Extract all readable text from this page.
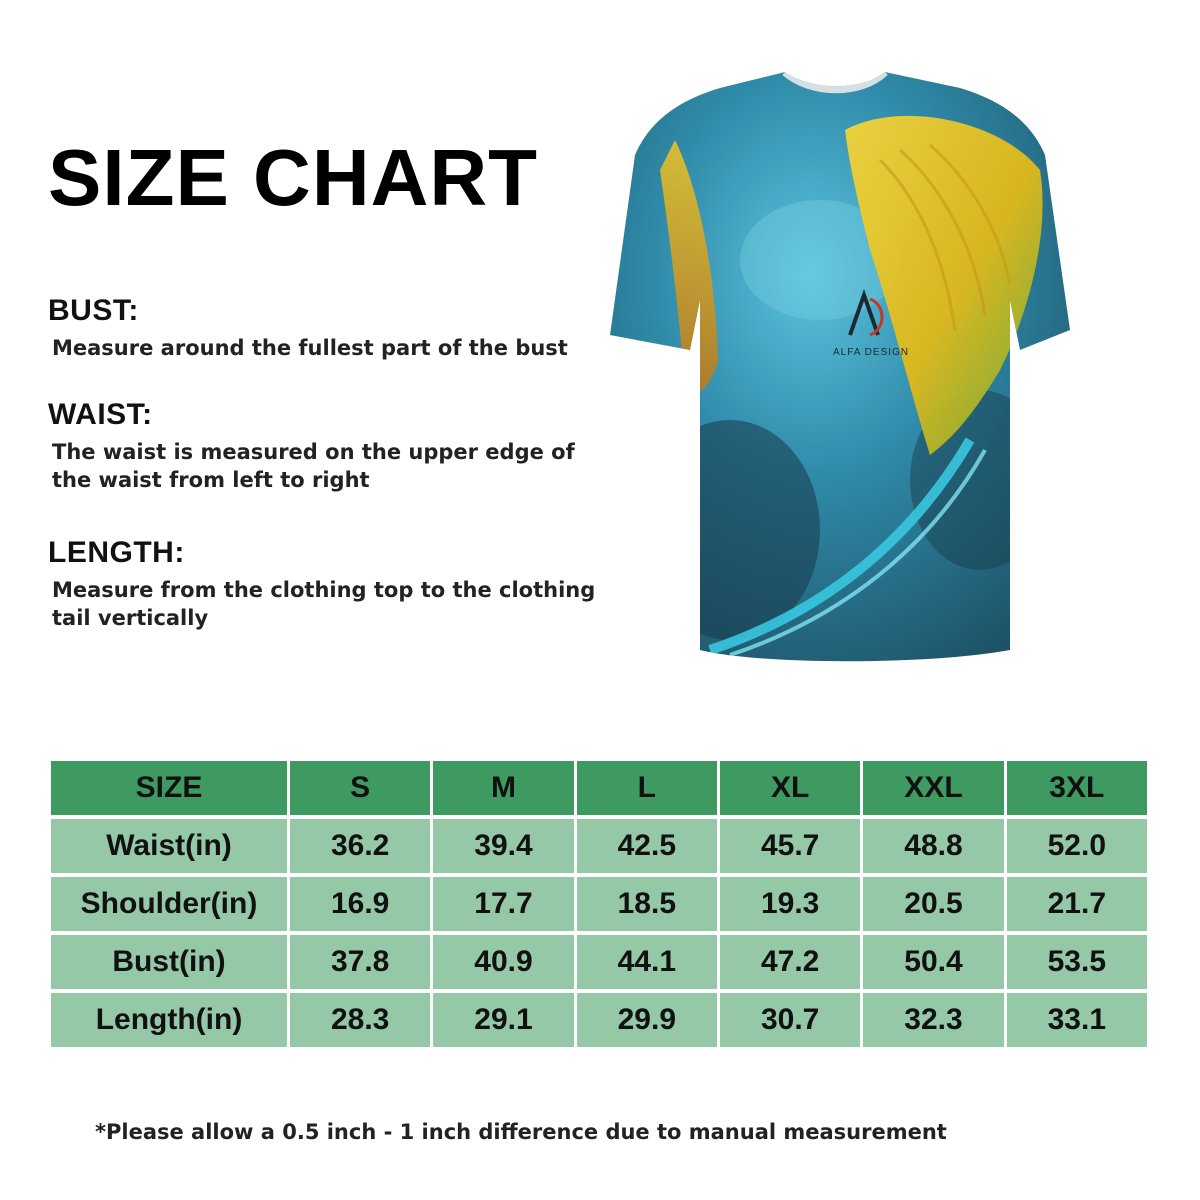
SIZE CHART
BUST:
Measure around the fullest part of the bust
WAIST:
The waist is measured on the upper edge of
the waist from left to right
LENGTH:
Measure from the clothing top to the clothing
tail vertically
ALFA DESIGN
SIZE	S	M	L	XL	XXL	3XL
Waist(in)	36.2	39.4	42.5	45.7	48.8	52.0
Shoulder(in)	16.9	17.7	18.5	19.3	20.5	21.7
Bust(in)	37.8	40.9	44.1	47.2	50.4	53.5
Length(in)	28.3	29.1	29.9	30.7	32.3	33.1
*Please allow a 0.5 inch - 1 inch difference due to manual measurement
